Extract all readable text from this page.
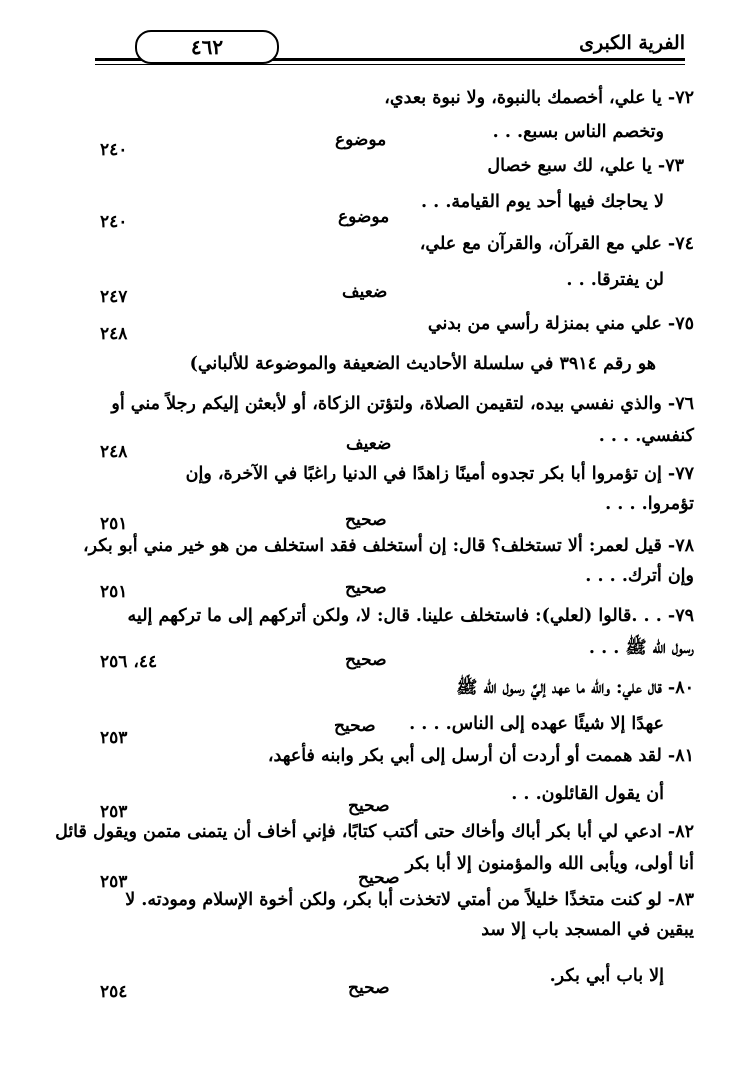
الفرية الكبرى
٤٦٢
٧٢- يا علي، أخصمك بالنبوة، ولا نبوة بعدي،
وتخصم الناس بسبع. . .
موضوع
٢٤٠
٧٣- يا علي، لك سبع خصال
لا يحاجك فيها أحد يوم القيامة. . .
موضوع
٢٤٠
٧٤- علي مع القرآن، والقرآن مع علي،
لن يفترقا. . .
ضعيف
٢٤٧
٧٥- علي مني بمنزلة رأسي من بدني
٢٤٨
هو رقم ٣٩١٤ في سلسلة الأحاديث الضعيفة والموضوعة للألباني)
٧٦- والذي نفسي بيده، لتقيمن الصلاة، ولتؤتن الزكاة، أو لأبعثن إليكم رجلاً مني أو
كنفسي. . . .
ضعيف
٢٤٨
٧٧- إن تؤمروا أبا بكر تجدوه أمينًا زاهدًا في الدنيا راغبًا في الآخرة، وإن
تؤمروا. . . .
صحيح
٢٥١
٧٨- قيل لعمر: ألا تستخلف؟ قال: إن أستخلف فقد استخلف من هو خير مني أبو بكر،
وإن أترك. . . .
صحيح
٢٥١
٧٩- . . .قالوا (لعلي): فاستخلف علينا. قال: لا، ولكن أتركهم إلى ما تركهم إليه
رسول الله ﷺ . . .
صحيح
٤٤، ٢٥٦
٨٠- قال علي: والله ما عهد إليَّ رسول الله ﷺ
عهدًا إلا شيئًا عهده إلى الناس. . . .
صحيح
٢٥٣
٨١- لقد هممت أو أردت أن أرسل إلى أبي بكر وابنه فأعهد،
أن يقول القائلون. . .
صحيح
٢٥٣
٨٢- ادعي لي أبا بكر أباك وأخاك حتى أكتب كتابًا، فإني أخاف أن يتمنى متمن ويقول قائل
أنا أولى، ويأبى الله والمؤمنون إلا أبا بكر
صحيح
٢٥٣
٨٣- لو كنت متخذًا خليلاً من أمتي لاتخذت أبا بكر، ولكن أخوة الإسلام ومودته. لا
يبقين في المسجد باب إلا سد
إلا باب أبي بكر.
صحيح
٢٥٤
